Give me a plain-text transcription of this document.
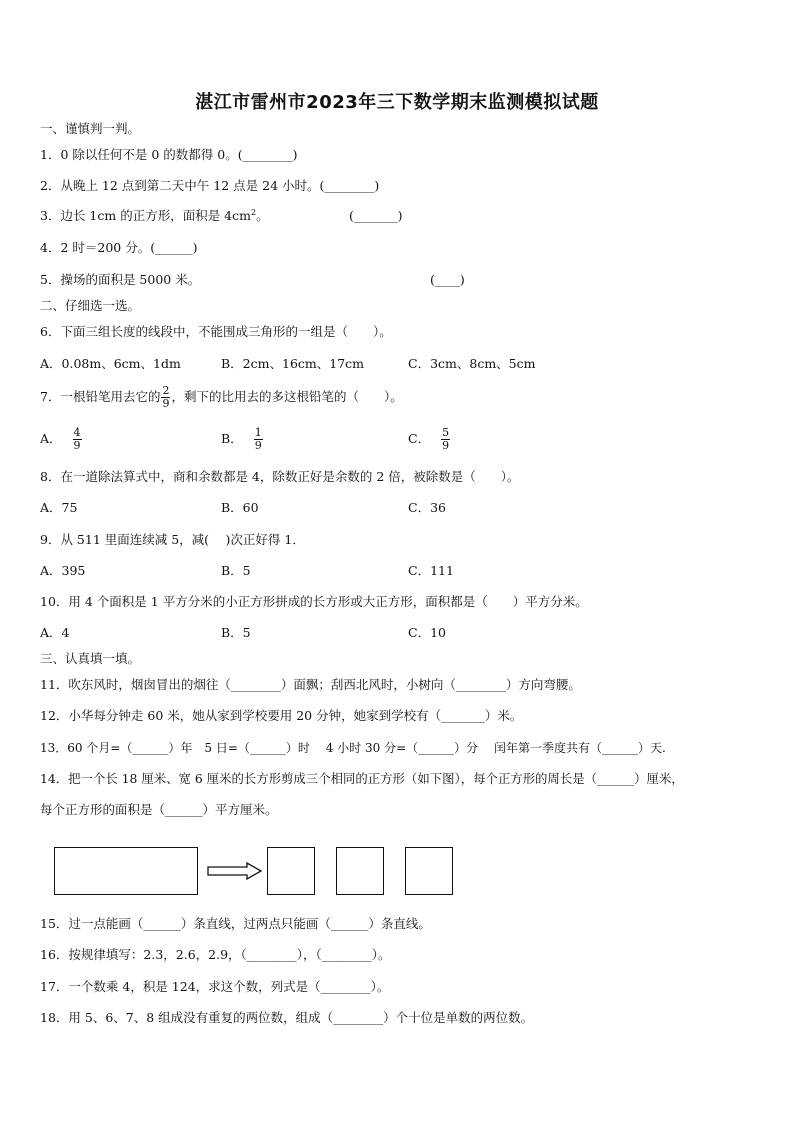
湛江市雷州市2023年三下数学期末监测模拟试题
一、谨慎判一判。
1．0 除以任何不是 0 的数都得 0。(________)
2．从晚上 12 点到第二天中午 12 点是 24 小时。(________)
3．边长 1cm 的正方形，面积是 $4cm^2$。	(_______)
4．2 时＝200 分。(______)
5．操场的面积是 5000 米。	(____)
二、仔细选一选。
6．下面三组长度的线段中，不能围成三角形的一组是（　　）。
A．0.08m、6cm、1dm	B．2cm、16cm、17cm	C．3cm、8cm、5cm
7．一根铅笔用去它的 $\frac{2}{9}$ ，剩下的比用去的多这根铅笔的（　　）。
A． $\frac{4}{9}$	B． $\frac{1}{9}$	C． $\frac{5}{9}$
8．在一道除法算式中，商和余数都是 4，除数正好是余数的 2 倍，被除数是（　　）。
A．75	B．60	C．36
9．从 511 里面连续减 5，减(　 )次正好得 1．
A．395	B．5	C．111
10．用 4 个面积是 1 平方分米的小正方形拼成的长方形或大正方形，面积都是（　　）平方分米。
A．4	B．5	C．10
三、认真填一填。
11．吹东风时，烟囱冒出的烟往（________）面飘；刮西北风时，小树向（________）方向弯腰。
12．小华每分钟走 60 米，她从家到学校要用 20 分钟，她家到学校有（_______）米。
13．60 个月=（______）年　5 日=（______）时　 4 小时 30 分=（______）分　 闰年第一季度共有（______）天.
14．把一个长 18 厘米、宽 6 厘米的长方形剪成三个相同的正方形（如下图），每个正方形的周长是（______）厘米，
每个正方形的面积是（______）平方厘米。
15．过一点能画（______）条直线，过两点只能画（______）条直线。
16．按规律填写：2.3，2.6，2.9，（________），（________）。
17．一个数乘 4，积是 124，求这个数，列式是（________）。
18．用 5、6、7、8 组成没有重复的两位数，组成（________）个十位是单数的两位数。
